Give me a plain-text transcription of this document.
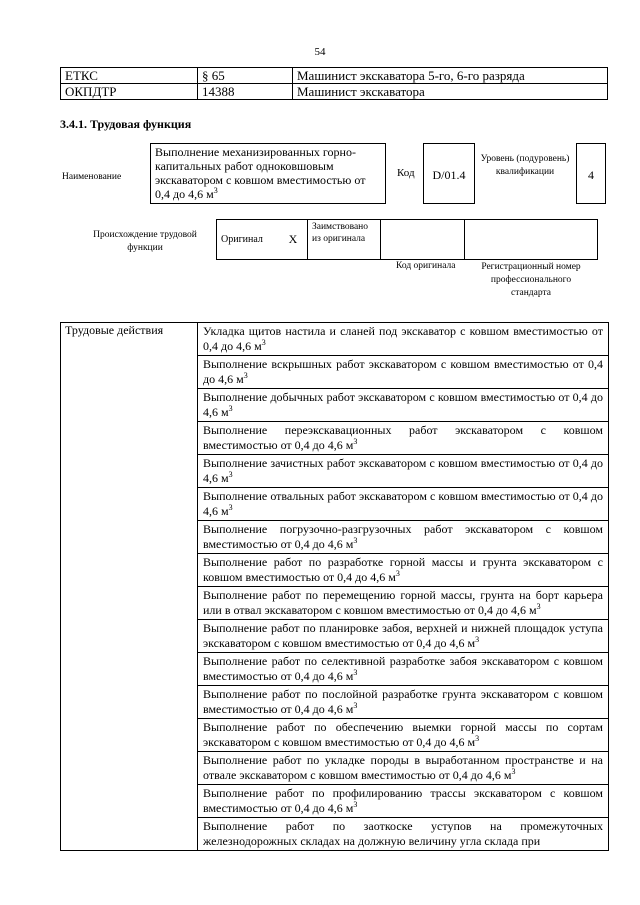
54
ЕТКС	§ 65	Машинист экскаватора 5-го, 6-го разряда
ОКПДТР	14388	Машинист экскаватора
3.4.1. Трудовая функция
Наименование
Выполнение механизированных горно-капитальных работ одноковшовым экскаватором с ковшом вместимостью от 0,4 до 4,6 $м^3$
Код	D/01.4
Уровень (подуровень) квалификации	4
Происхождение трудовой функции
Оригинал	X	Заимствовано из оригинала		
Код оригинала	Регистрационный номер профессионального стандарта
Трудовые действия	Укладка щитов настила и сланей под экскаватор с ковшом вместимостью от 0,4 до 4,6 $м^3$
Выполнение вскрышных работ экскаватором с ковшом вместимостью от 0,4 до 4,6 $м^3$
Выполнение добычных работ экскаватором с ковшом вместимостью от 0,4 до 4,6 $м^3$
Выполнение переэкскавационных работ экскаватором с ковшом вместимостью от 0,4 до 4,6 $м^3$
Выполнение зачистных работ экскаватором с ковшом вместимостью от 0,4 до 4,6 $м^3$
Выполнение отвальных работ экскаватором с ковшом вместимостью от 0,4 до 4,6 $м^3$
Выполнение погрузочно-разгрузочных работ экскаватором с ковшом вместимостью от 0,4 до 4,6 $м^3$
Выполнение работ по разработке горной массы и грунта экскаватором с ковшом вместимостью от 0,4 до 4,6 $м^3$
Выполнение работ по перемещению горной массы, грунта на борт карьера или в отвал экскаватором с ковшом вместимостью от 0,4 до 4,6 $м^3$
Выполнение работ по планировке забоя, верхней и нижней площадок уступа экскаватором с ковшом вместимостью от 0,4 до 4,6 $м^3$
Выполнение работ по селективной разработке забоя экскаватором с ковшом вместимостью от 0,4 до 4,6 $м^3$
Выполнение работ по послойной разработке грунта экскаватором с ковшом вместимостью от 0,4 до 4,6 $м^3$
Выполнение работ по обеспечению выемки горной массы по сортам экскаватором с ковшом вместимостью от 0,4 до 4,6 $м^3$
Выполнение работ по укладке породы в выработанном пространстве и на отвале экскаватором с ковшом вместимостью от 0,4 до 4,6 $м^3$
Выполнение работ по профилированию трассы экскаватором с ковшом вместимостью от 0,4 до 4,6 $м^3$
Выполнение работ по заоткоске уступов на промежуточных железнодорожных складах на должную величину угла склада при
